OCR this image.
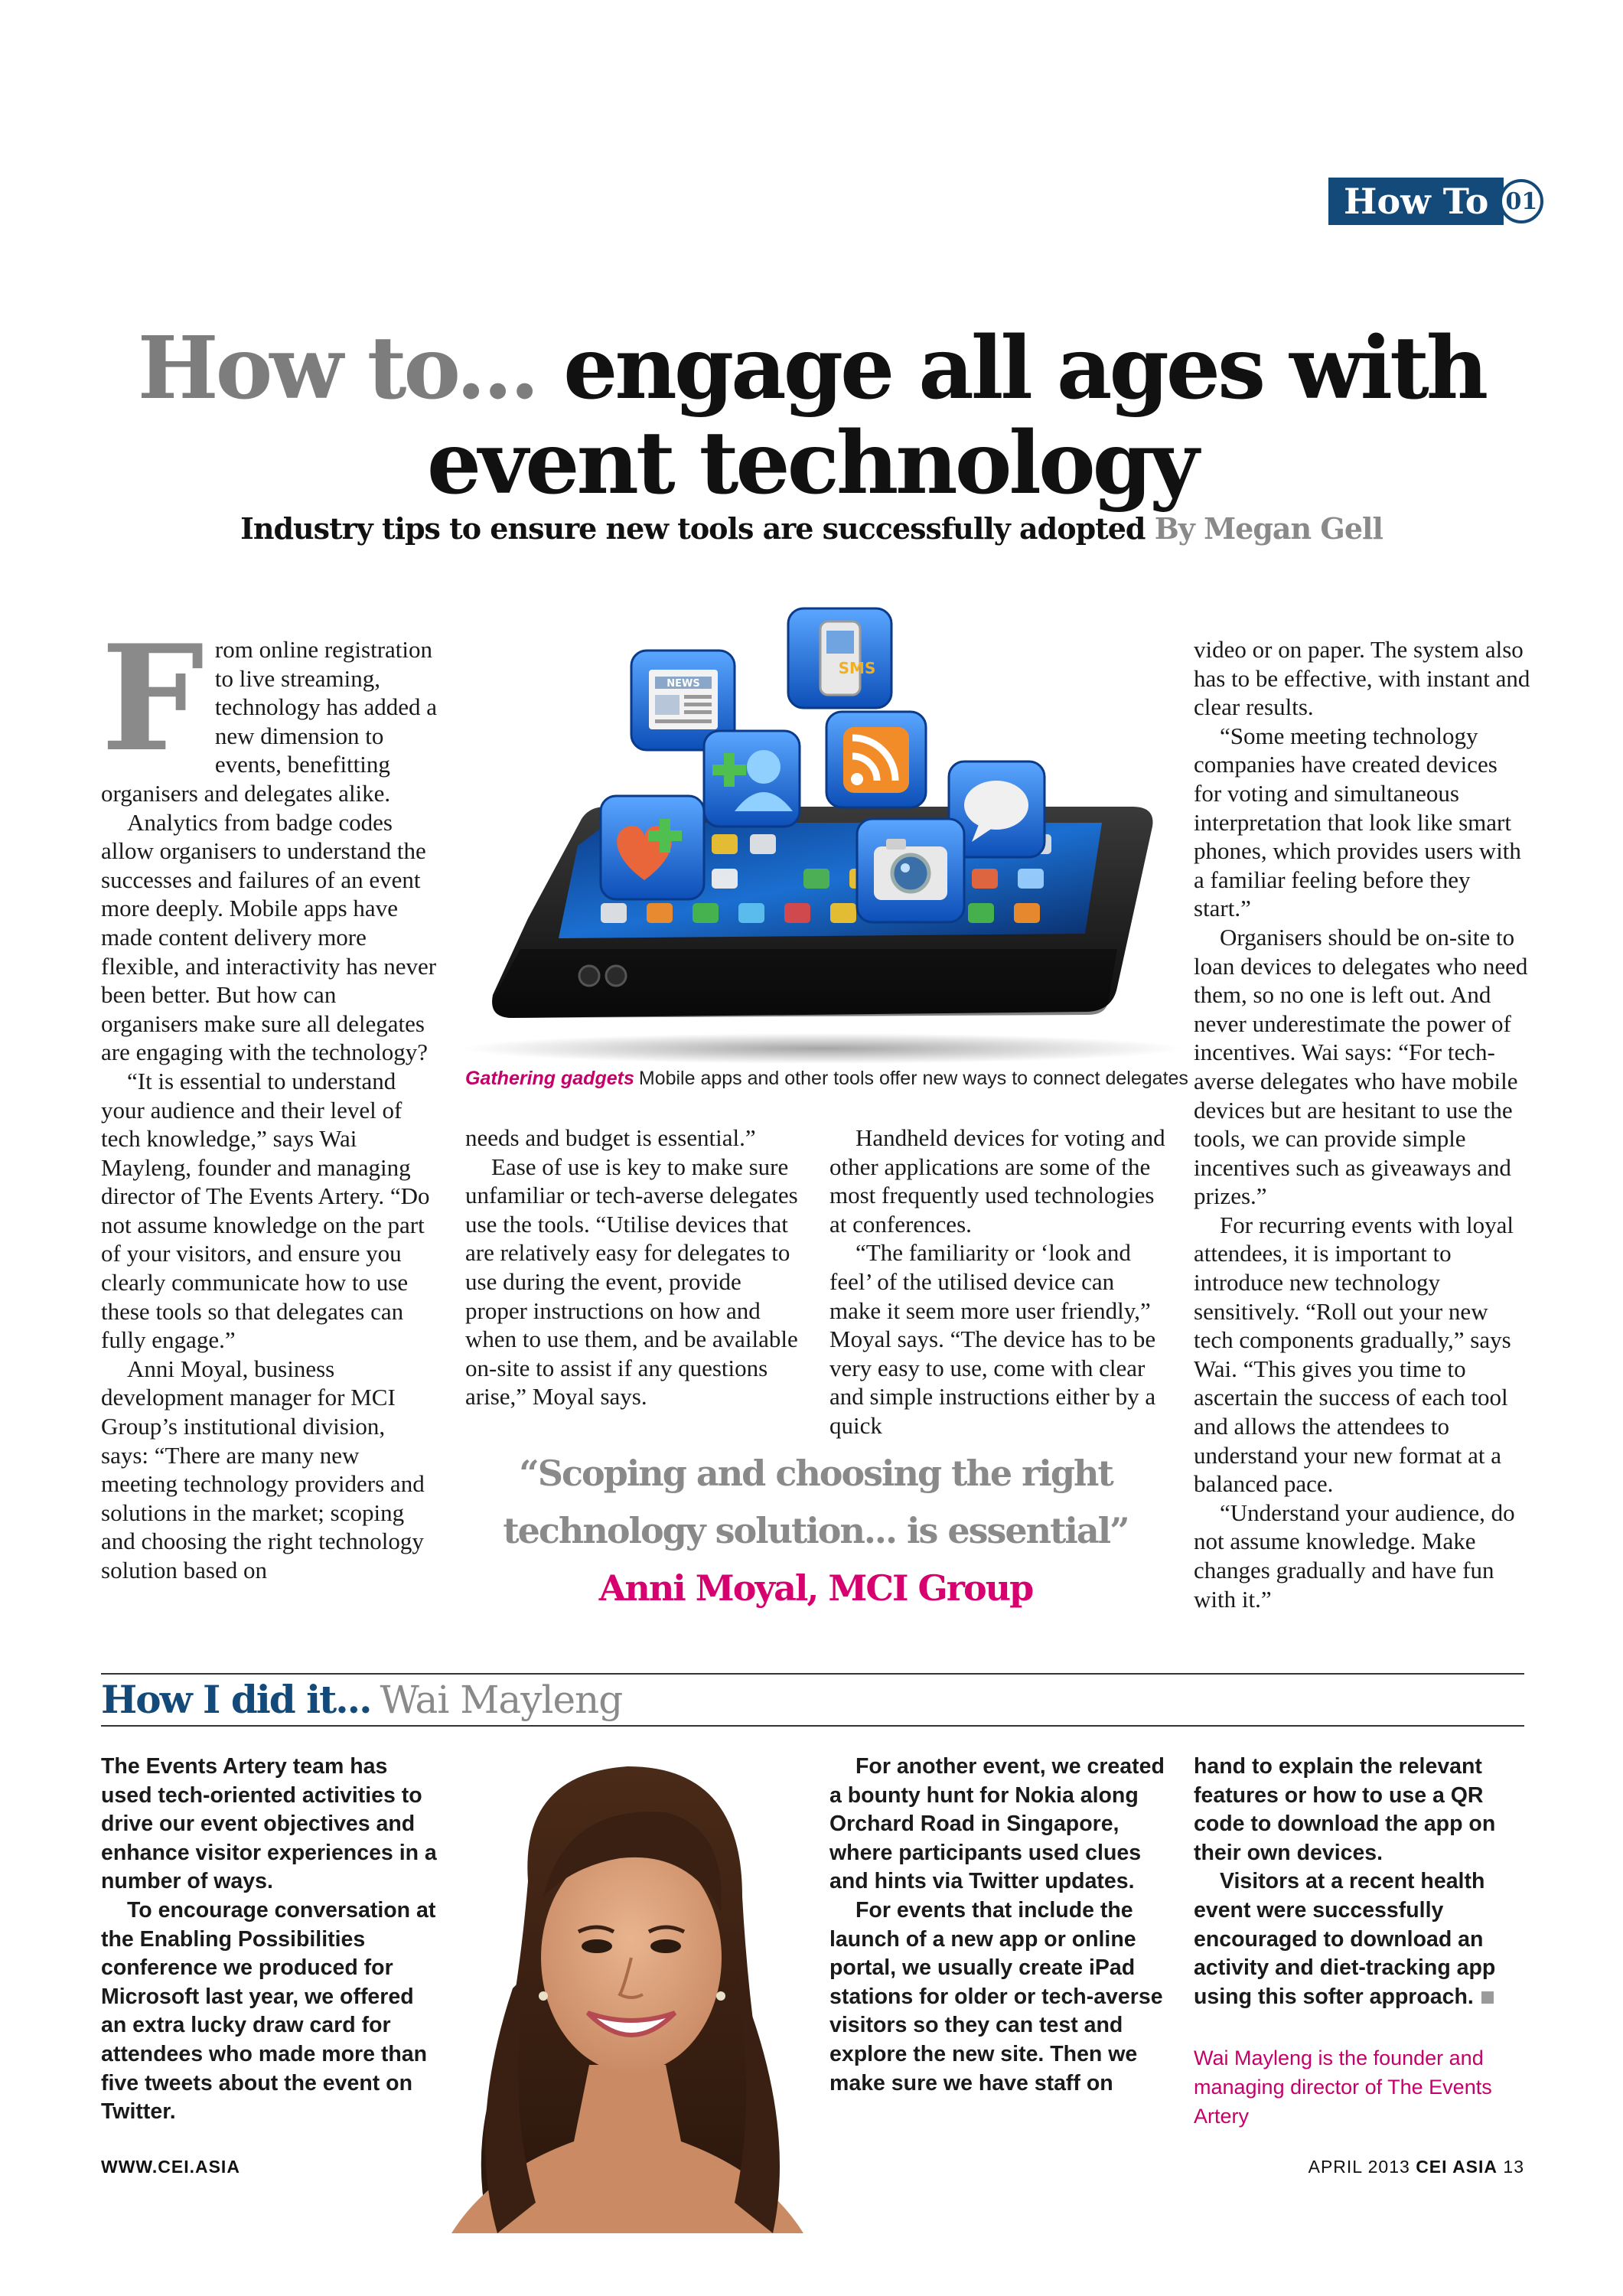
How To 01
How to... engage all ages with
event technology
Industry tips to ensure new tools are successfully adopted By Megan Gell
NEWS
SMS
Gathering gadgets Mobile apps and other tools offer new ways to connect delegates
F rom online registration to live streaming, technology has added a new dimension to events, benefitting organisers and delegates alike.

Analytics from badge codes allow organisers to understand the successes and failures of an event more deeply. Mobile apps have made content delivery more flexible, and interactivity has never been better. But how can organisers make sure all delegates are engaging with the technology?

“It is essential to understand your audience and their level of tech knowledge,” says Wai Mayleng, founder and managing director of The Events Artery. “Do not assume knowledge on the part of your visitors, and ensure you clearly communicate how to use these tools so that delegates can fully engage.”

Anni Moyal, business development manager for MCI Group’s institutional division, says: “There are many new meeting technology providers and solutions in the market; scoping and choosing the right technology solution based on

needs and budget is essential.”

Ease of use is key to make sure unfamiliar or tech-averse delegates use the tools. “Utilise devices that are relatively easy for delegates to use during the event, provide proper instructions on how and when to use them, and be available on-site to assist if any questions arise,” Moyal says.

Handheld devices for voting and other applications are some of the most frequently used technologies at conferences.

“The familiarity or ‘look and feel’ of the utilised device can make it seem more user friendly,” Moyal says. “The device has to be very easy to use, come with clear and simple instructions either by a quick

video or on paper. The system also has to be effective, with instant and clear results.

“Some meeting technology companies have created devices for voting and simultaneous interpretation that look like smart phones, which provides users with a familiar feeling before they start.”

Organisers should be on-site to loan devices to delegates who need them, so no one is left out. And never underestimate the power of incentives. Wai says: “For tech-averse delegates who have mobile devices but are hesitant to use the tools, we can provide simple incentives such as giveaways and prizes.”

For recurring events with loyal attendees, it is important to introduce new technology sensitively. “Roll out your new tech components gradually,” says Wai. “This gives you time to ascertain the success of each tool and allows the attendees to understand your new format at a balanced pace.

“Understand your audience, do not assume knowledge. Make changes gradually and have fun with it.”

“Scoping and choosing the right
technology solution... is essential”
Anni Moyal, MCI Group
How I did it... Wai Mayleng

The Events Artery team has used tech-oriented activities to drive our event objectives and enhance visitor experiences in a number of ways.

To encourage conversation at the Enabling Possibilities conference we produced for Microsoft last year, we offered an extra lucky draw card for attendees who made more than five tweets about the event on Twitter.

For another event, we created a bounty hunt for Nokia along Orchard Road in Singapore, where participants used clues and hints via Twitter updates.

For events that include the launch of a new app or online portal, we usually create iPad stations for older or tech-averse visitors so they can test and explore the new site. Then we make sure we have staff on

hand to explain the relevant features or how to use a QR code to download the app on their own devices.

Visitors at a recent health event were successfully encouraged to download an activity and diet-tracking app using this softer approach.

Wai Mayleng is the founder and managing director of The Events Artery
WWW.CEI.ASIA	APRIL 2013 CEI ASIA 13
